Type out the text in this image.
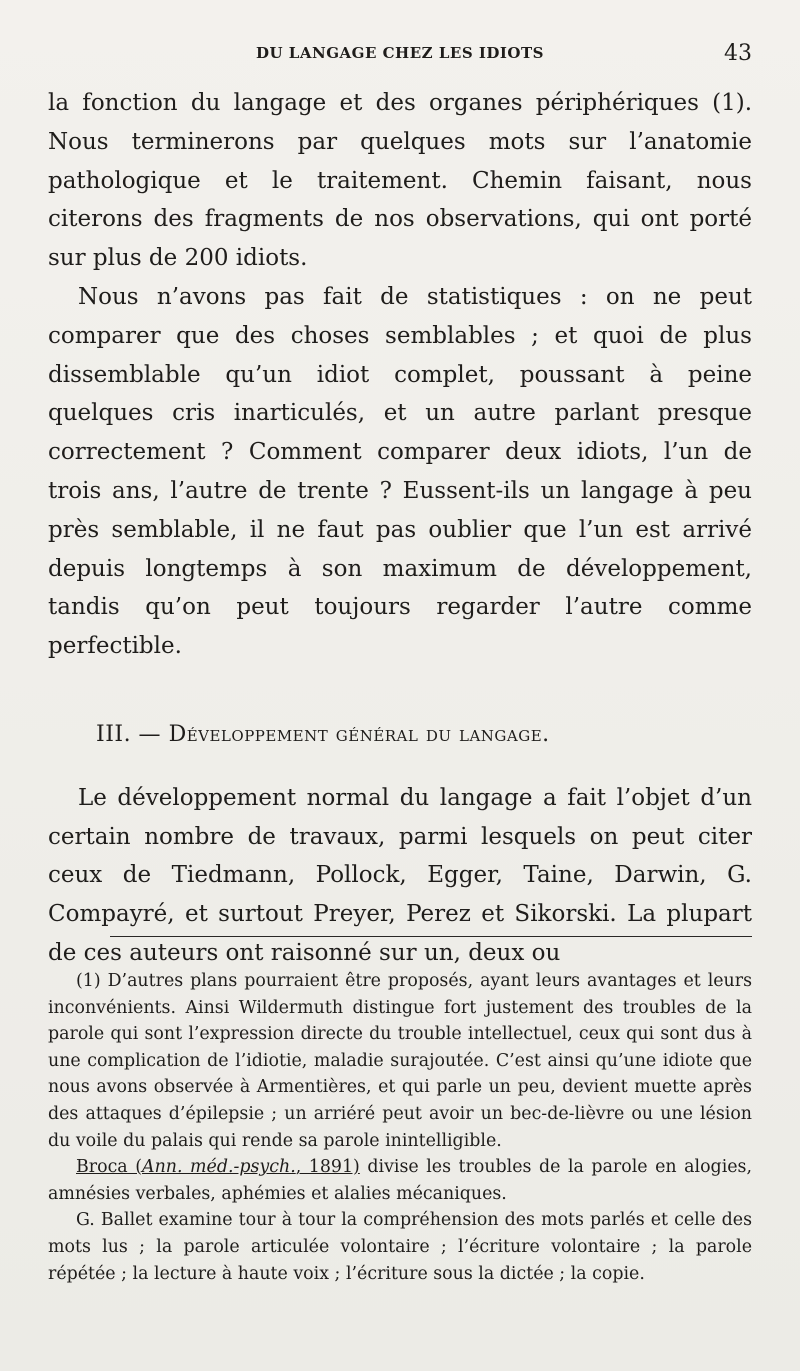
DU LANGAGE CHEZ LES IDIOTS	43

la fonction du langage et des organes périphériques (1). Nous terminerons par quelques mots sur l’anatomie pathologique et le traitement. Chemin faisant, nous citerons des fragments de nos observations, qui ont porté sur plus de 200 idiots.

Nous n’avons pas fait de statistiques : on ne peut comparer que des choses semblables ; et quoi de plus dissemblable qu’un idiot complet, poussant à peine quelques cris inarticulés, et un autre parlant presque correctement ? Comment comparer deux idiots, l’un de trois ans, l’autre de trente ? Eussent-ils un langage à peu près semblable, il ne faut pas oublier que l’un est arrivé depuis longtemps à son maximum de développement, tandis qu’on peut toujours regarder l’autre comme perfectible.

III. — Développement général du langage.

Le développement normal du langage a fait l’objet d’un certain nombre de travaux, parmi lesquels on peut citer ceux de Tiedmann, Pollock, Egger, Taine, Darwin, G. Compayré, et surtout Preyer, Perez et Sikorski. La plupart de ces auteurs ont raisonné sur un, deux ou

(1) D’autres plans pourraient être proposés, ayant leurs avantages et leurs inconvénients. Ainsi Wildermuth distingue fort justement des troubles de la parole qui sont l’expression directe du trouble intellectuel, ceux qui sont dus à une complication de l’idiotie, maladie surajoutée. C’est ainsi qu’une idiote que nous avons observée à Armentières, et qui parle un peu, devient muette après des attaques d’épilepsie ; un arriéré peut avoir un bec-de-lièvre ou une lésion du voile du palais qui rende sa parole inintelligible.

Broca (Ann. méd.-psych., 1891) divise les troubles de la parole en alogies, amnésies verbales, aphémies et alalies mécaniques.

G. Ballet examine tour à tour la compréhension des mots parlés et celle des mots lus ; la parole articulée volontaire ; l’écriture volontaire ; la parole répétée ; la lecture à haute voix ; l’écriture sous la dictée ; la copie.
